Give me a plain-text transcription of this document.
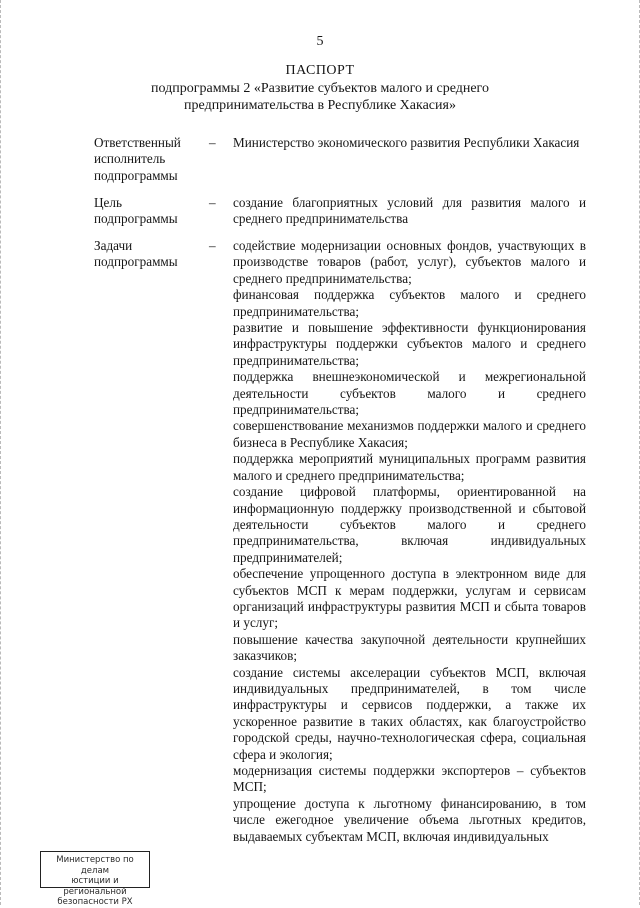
5
ПАСПОРТ
подпрограммы 2 «Развитие субъектов малого и среднего предпринимательства в Республике Хакасия»
Ответственный исполнитель подпрограммы
– Министерство экономического развития Республики Хакасия

Цель подпрограммы
– создание благоприятных условий для развития малого и среднего предпринимательства

Задачи подпрограммы
– содействие модернизации основных фондов, участвующих в производстве товаров (работ, услуг), субъектов малого и среднего предпринимательства;

финансовая поддержка субъектов малого и среднего предпринимательства;

развитие и повышение эффективности функционирования инфраструктуры поддержки субъектов малого и среднего предпринимательства;

поддержка внешнеэкономической и межрегиональной деятельности субъектов малого и среднего предпринимательства;

совершенствование механизмов поддержки малого и среднего бизнеса в Республике Хакасия;

поддержка мероприятий муниципальных программ развития малого и среднего предпринимательства;

создание цифровой платформы, ориентированной на информационную поддержку производственной и сбытовой деятельности субъектов малого и среднего предпринимательства, включая индивидуальных предпринимателей;

обеспечение упрощенного доступа в электронном виде для субъектов МСП к мерам поддержки, услугам и сервисам организаций инфраструктуры развития МСП и сбыта товаров и услуг;

повышение качества закупочной деятельности крупнейших заказчиков;

создание системы акселерации субъектов МСП, включая индивидуальных предпринимателей, в том числе инфраструктуры и сервисов поддержки, а также их ускоренное развитие в таких областях, как благоустройство городской среды, научно-технологическая сфера, социальная сфера и экология;

модернизация системы поддержки экспортеров – субъектов МСП;

упрощение доступа к льготному финансированию, в том числе ежегодное увеличение объема льготных кредитов, выдаваемых субъектам МСП, включая индивидуальных

Министерство по делам
юстиции и региональной
безопасности РХ
